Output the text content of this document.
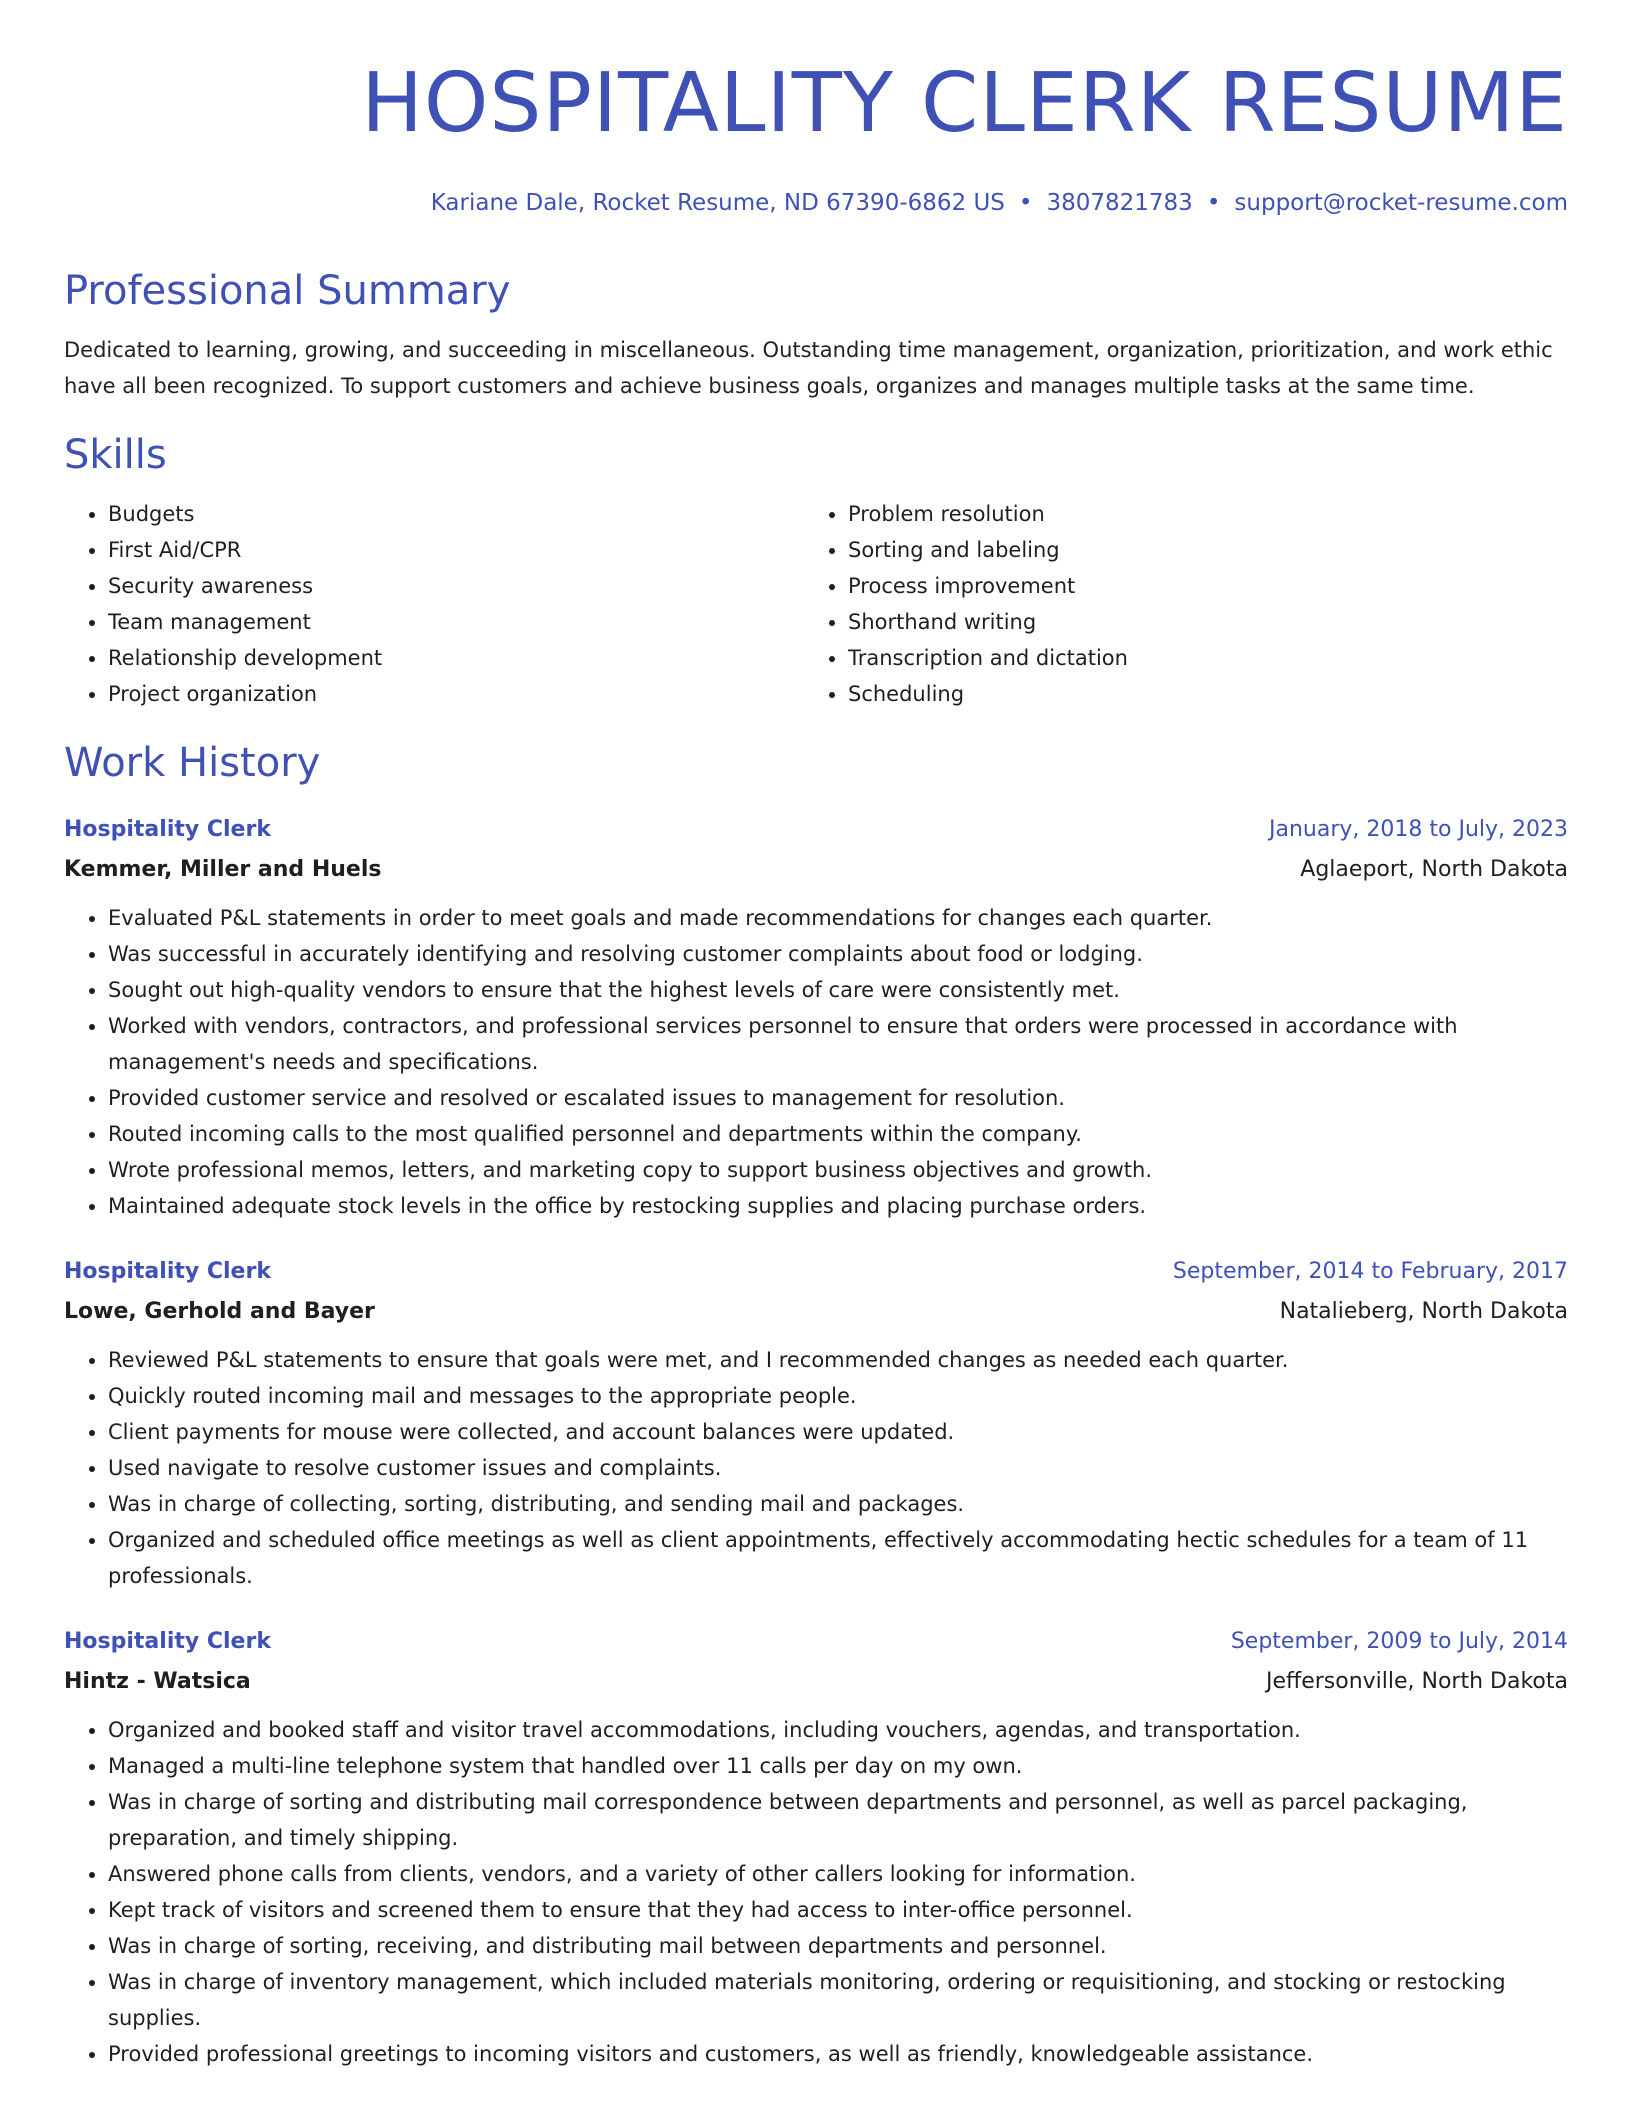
HOSPITALITY CLERK RESUME
Kariane Dale, Rocket Resume, ND 67390-6862 US • 3807821783 • support@rocket-resume.com
Professional Summary

Dedicated to learning, growing, and succeeding in miscellaneous. Outstanding time management, organization, prioritization, and work ethic have all been recognized. To support customers and achieve business goals, organizes and manages multiple tasks at the same time.

Skills
• Budgets
• First Aid/CPR
• Security awareness
• Team management
• Relationship development
• Project organization
• Problem resolution
• Sorting and labeling
• Process improvement
• Shorthand writing
• Transcription and dictation
• Scheduling
Work History
Hospitality Clerk	January, 2018 to July, 2023
Kemmer, Miller and Huels	Aglaeport, North Dakota
• Evaluated P&L statements in order to meet goals and made recommendations for changes each quarter.
• Was successful in accurately identifying and resolving customer complaints about food or lodging.
• Sought out high-quality vendors to ensure that the highest levels of care were consistently met.
• Worked with vendors, contractors, and professional services personnel to ensure that orders were processed in accordance with management's needs and specifications.
• Provided customer service and resolved or escalated issues to management for resolution.
• Routed incoming calls to the most qualified personnel and departments within the company.
• Wrote professional memos, letters, and marketing copy to support business objectives and growth.
• Maintained adequate stock levels in the office by restocking supplies and placing purchase orders.
Hospitality Clerk	September, 2014 to February, 2017
Lowe, Gerhold and Bayer	Natalieberg, North Dakota
• Reviewed P&L statements to ensure that goals were met, and I recommended changes as needed each quarter.
• Quickly routed incoming mail and messages to the appropriate people.
• Client payments for mouse were collected, and account balances were updated.
• Used navigate to resolve customer issues and complaints.
• Was in charge of collecting, sorting, distributing, and sending mail and packages.
• Organized and scheduled office meetings as well as client appointments, effectively accommodating hectic schedules for a team of 11 professionals.
Hospitality Clerk	September, 2009 to July, 2014
Hintz - Watsica	Jeffersonville, North Dakota
• Organized and booked staff and visitor travel accommodations, including vouchers, agendas, and transportation.
• Managed a multi-line telephone system that handled over 11 calls per day on my own.
• Was in charge of sorting and distributing mail correspondence between departments and personnel, as well as parcel packaging, preparation, and timely shipping.
• Answered phone calls from clients, vendors, and a variety of other callers looking for information.
• Kept track of visitors and screened them to ensure that they had access to inter-office personnel.
• Was in charge of sorting, receiving, and distributing mail between departments and personnel.
• Was in charge of inventory management, which included materials monitoring, ordering or requisitioning, and stocking or restocking supplies.
• Provided professional greetings to incoming visitors and customers, as well as friendly, knowledgeable assistance.
